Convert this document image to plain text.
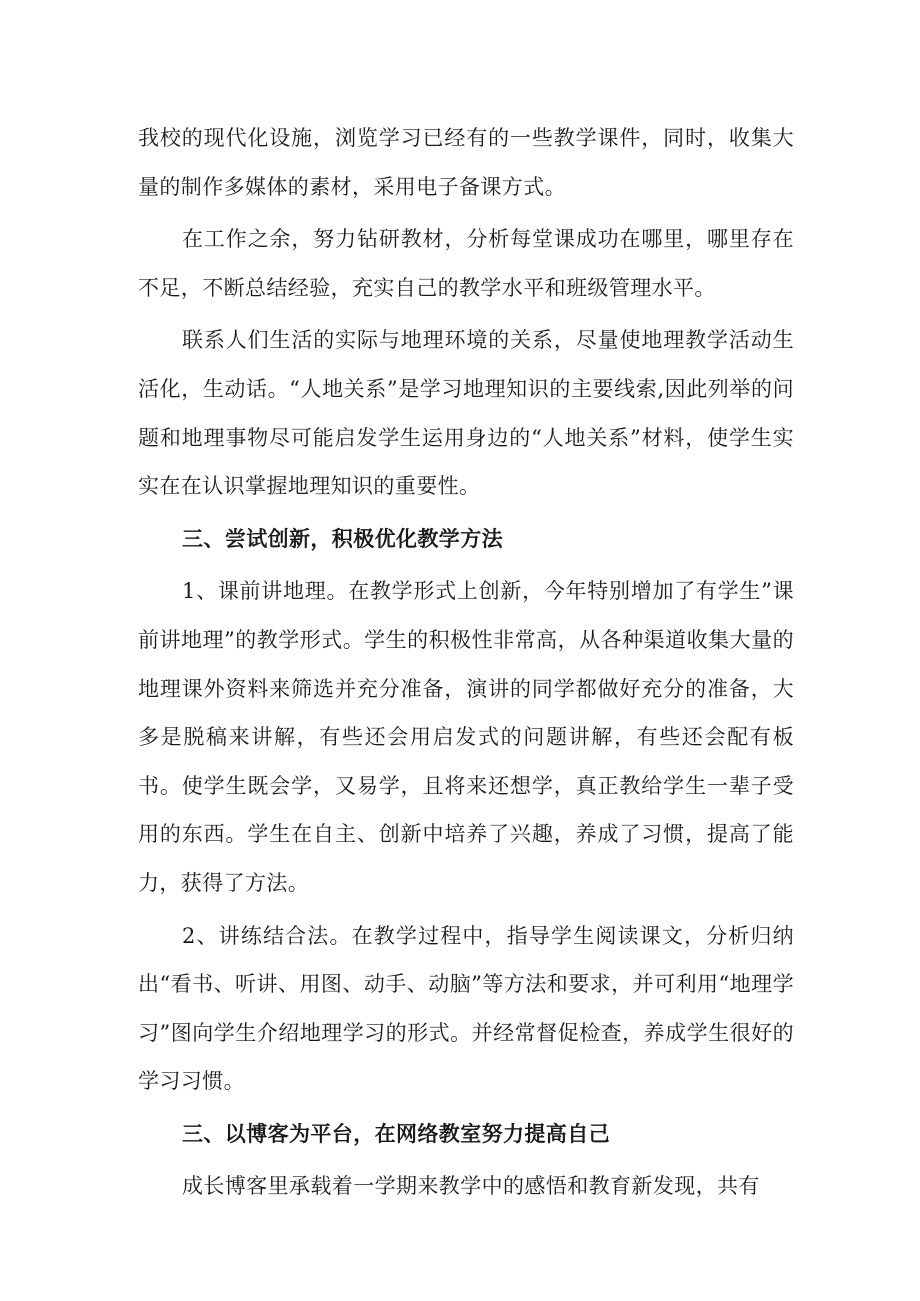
我校的现代化设施，浏览学习已经有的一些教学课件，同时，收集大量的制作多媒体的素材，采用电子备课方式。

在工作之余，努力钻研教材，分析每堂课成功在哪里，哪里存在不足，不断总结经验，充实自己的教学水平和班级管理水平。

联系人们生活的实际与地理环境的关系，尽量使地理教学活动生活化，生动话。“人地关系”是学习地理知识的主要线索,因此列举的问题和地理事物尽可能启发学生运用身边的“人地关系”材料，使学生实实在在认识掌握地理知识的重要性。

三、尝试创新，积极优化教学方法

1、课前讲地理。在教学形式上创新，今年特别增加了有学生”课前讲地理”的教学形式。学生的积极性非常高，从各种渠道收集大量的地理课外资料来筛选并充分准备，演讲的同学都做好充分的准备，大多是脱稿来讲解，有些还会用启发式的问题讲解，有些还会配有板书。使学生既会学，又易学，且将来还想学，真正教给学生一辈子受用的东西。学生在自主、创新中培养了兴趣，养成了习惯，提高了能力，获得了方法。

2、讲练结合法。在教学过程中，指导学生阅读课文，分析归纳出“看书、听讲、用图、动手、动脑”等方法和要求，并可利用“地理学习”图向学生介绍地理学习的形式。并经常督促检查，养成学生很好的学习习惯。

三、以博客为平台，在网络教室努力提高自己

成长博客里承载着一学期来教学中的感悟和教育新发现，共有
